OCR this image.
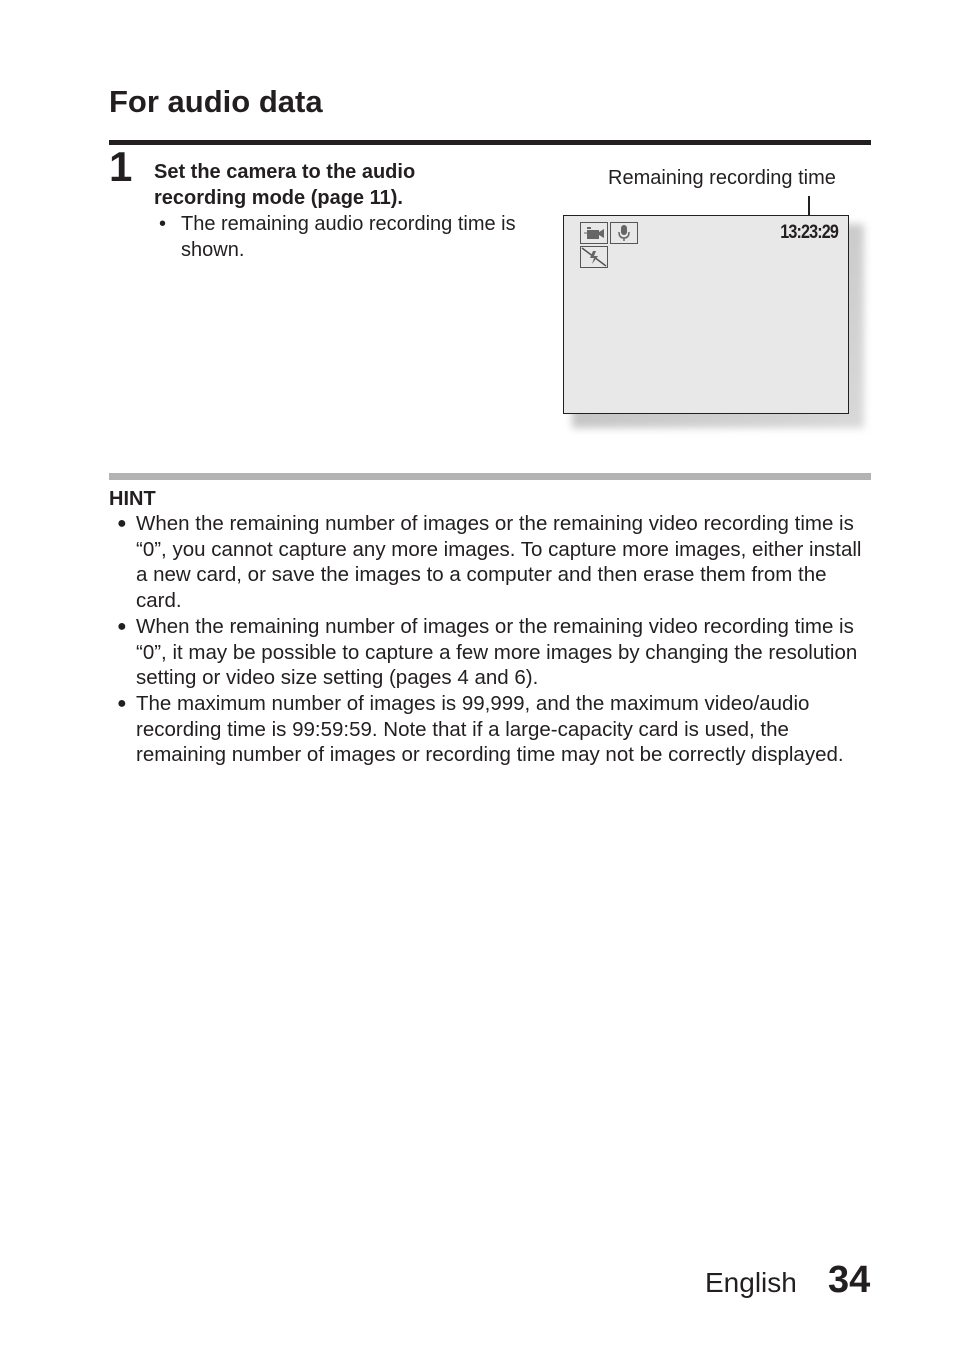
For audio data
1 Set the camera to the audio
recording mode (page 11).
• The remaining audio recording time is shown.
Remaining recording time
13:23:29
HINT
● When the remaining number of images or the remaining video recording time is “0”, you cannot capture any more images. To capture more images, either install a new card, or save the images to a computer and then erase them from the card.
● When the remaining number of images or the remaining video recording time is “0”, it may be possible to capture a few more images by changing the resolution setting or video size setting (pages 4 and 6).
● The maximum number of images is 99,999, and the maximum video/audio recording time is 99:59:59. Note that if a large-capacity card is used, the remaining number of images or recording time may not be correctly displayed.
English 34
